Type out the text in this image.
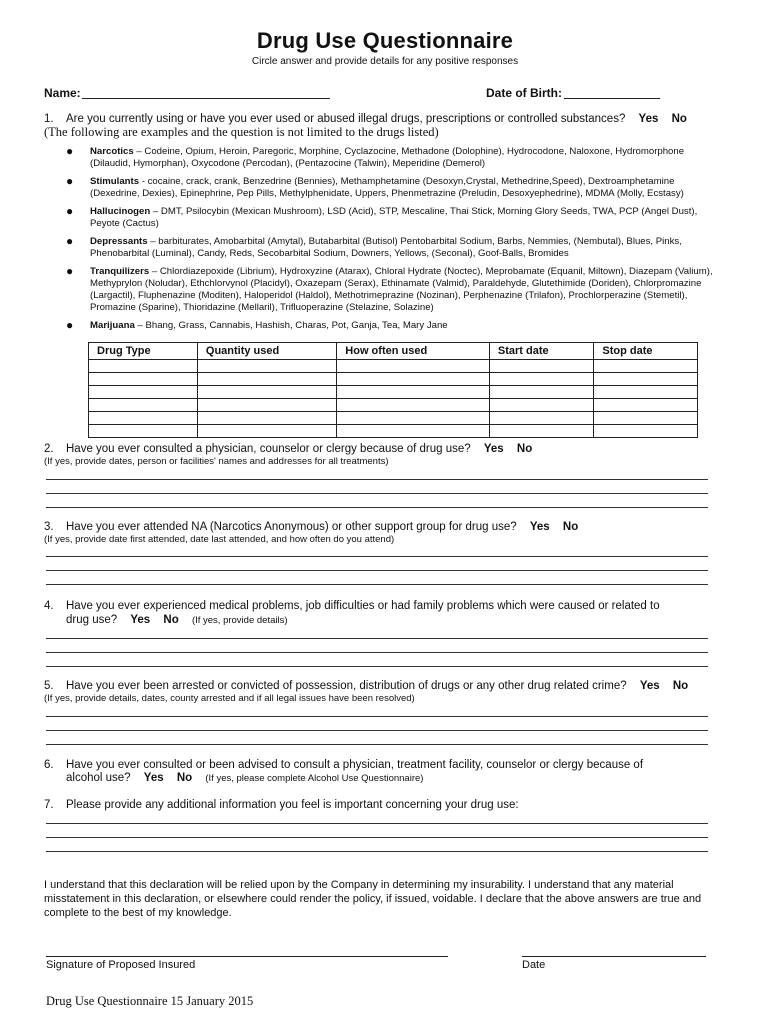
Drug Use Questionnaire
Circle answer and provide details for any positive responses
Name:	Date of Birth:
1. Are you currently using or have you ever used or abused illegal drugs, prescriptions or controlled substances? Yes No
(The following are examples and the question is not limited to the drugs listed)
● Narcotics – Codeine, Opium, Heroin, Paregoric, Morphine, Cyclazocine, Methadone (Dolophine), Hydrocodone, Naloxone, Hydromorphone (Dilaudid, Hymorphan), Oxycodone (Percodan), (Pentazocine (Talwin), Meperidine (Demerol)
● Stimulants - cocaine, crack, crank, Benzedrine (Bennies), Methamphetamine (Desoxyn,Crystal, Methedrine,Speed), Dextroamphetamine (Dexedrine, Dexies), Epinephrine, Pep Pills, Methylphenidate, Uppers, Phenmetrazine (Preludin, Desoxyephedrine), MDMA (Molly, Ecstasy)
● Hallucinogen – DMT, Psilocybin (Mexican Mushroom), LSD (Acid), STP, Mescaline, Thai Stick, Morning Glory Seeds, TWA, PCP (Angel Dust), Peyote (Cactus)
● Depressants – barbiturates, Amobarbital (Amytal), Butabarbital (Butisol) Pentobarbital Sodium, Barbs, Nemmies, (Nembutal), Blues, Pinks, Phenobarbital (Luminal), Candy, Reds, Secobarbital Sodium, Downers, Yellows, (Seconal), Goof-Balls, Bromides
● Tranquilizers – Chlordiazepoxide (Librium), Hydroxyzine (Atarax), Chloral Hydrate (Noctec), Meprobamate (Equanil, Miltown), Diazepam (Valium), Methyprylon (Noludar), Ethchlorvynol (Placidyl), Oxazepam (Serax), Ethinamate (Valmid), Paraldehyde, Glutethimide (Doriden), Chlorpromazine (Largactil), Fluphenazine (Moditen), Haloperidol (Haldol), Methotrimeprazine (Nozinan), Perphenazine (Trilafon), Prochlorperazine (Stemetil), Promazine (Sparine), Thioridazine (Mellaril), Trifluoperazine (Stelazine, Solazine)
● Marijuana – Bhang, Grass, Cannabis, Hashish, Charas, Pot, Ganja, Tea, Mary Jane
Drug Type	Quantity used	How often used	Start date	Stop date

2. Have you ever consulted a physician, counselor or clergy because of drug use? Yes No
(If yes, provide dates, person or facilities' names and addresses for all treatments)
3. Have you ever attended NA (Narcotics Anonymous) or other support group for drug use? Yes No
(If yes, provide date first attended, date last attended, and how often do you attend)
4. Have you ever experienced medical problems, job difficulties or had family problems which were caused or related to
drug use? Yes No (If yes, provide details)
5. Have you ever been arrested or convicted of possession, distribution of drugs or any other drug related crime? Yes No
(If yes, provide details, dates, county arrested and if all legal issues have been resolved)
6. Have you ever consulted or been advised to consult a physician, treatment facility, counselor or clergy because of
alcohol use? Yes No (If yes, please complete Alcohol Use Questionnaire)
7. Please provide any additional information you feel is important concerning your drug use:
I understand that this declaration will be relied upon by the Company in determining my insurability. I understand that any material misstatement in this declaration, or elsewhere could render the policy, if issued, voidable. I declare that the above answers are true and complete to the best of my knowledge.
Signature of Proposed Insured	Date
Drug Use Questionnaire 15 January 2015
